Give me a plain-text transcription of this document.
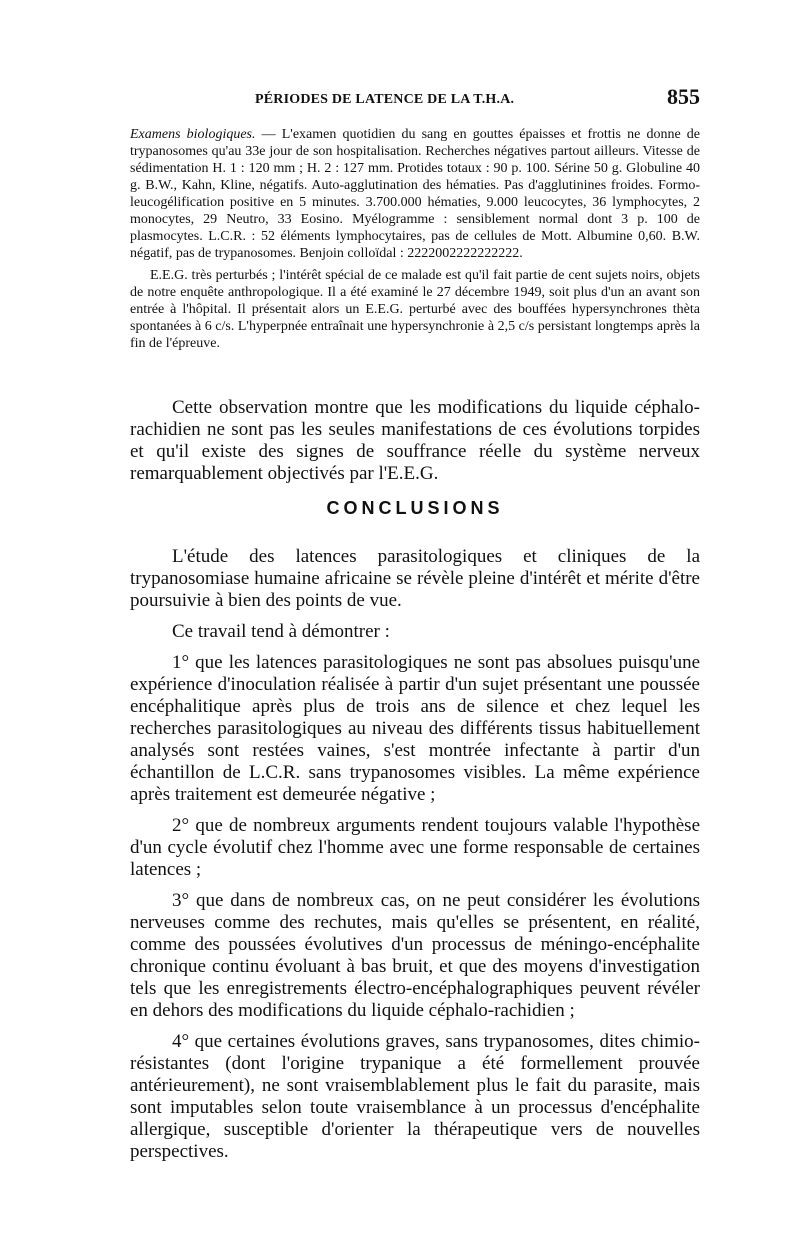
PÉRIODES DE LATENCE DE LA T.H.A.	855

Examens biologiques. — L'examen quotidien du sang en gouttes épaisses et frottis ne donne de trypanosomes qu'au 33e jour de son hospitalisation. Recherches négatives partout ailleurs. Vitesse de sédimentation H. 1 : 120 mm ; H. 2 : 127 mm. Protides totaux : 90 p. 100. Sérine 50 g. Globuline 40 g. B.W., Kahn, Kline, négatifs. Auto-agglutination des hématies. Pas d'agglutinines froides. Formo-leucogélification positive en 5 minutes. 3.700.000 hématies, 9.000 leucocytes, 36 lymphocytes, 2 monocytes, 29 Neutro, 33 Eosino. Myélogramme : sensiblement normal dont 3 p. 100 de plasmocytes. L.C.R. : 52 éléments lymphocytaires, pas de cellules de Mott. Albumine 0,60. B.W. négatif, pas de trypanosomes. Benjoin colloïdal : 2222002222222222.

E.E.G. très perturbés ; l'intérêt spécial de ce malade est qu'il fait partie de cent sujets noirs, objets de notre enquête anthropologique. Il a été examiné le 27 décembre 1949, soit plus d'un an avant son entrée à l'hôpital. Il présentait alors un E.E.G. perturbé avec des bouffées hypersynchrones thèta spontanées à 6 c/s. L'hyperpnée entraînait une hypersynchronie à 2,5 c/s persistant longtemps après la fin de l'épreuve.

Cette observation montre que les modifications du liquide céphalo-rachidien ne sont pas les seules manifestations de ces évolutions torpides et qu'il existe des signes de souffrance réelle du système nerveux remarquablement objectivés par l'E.E.G.

CONCLUSIONS

L'étude des latences parasitologiques et cliniques de la trypanosomiase humaine africaine se révèle pleine d'intérêt et mérite d'être poursuivie à bien des points de vue.

Ce travail tend à démontrer :

1° que les latences parasitologiques ne sont pas absolues puisqu'une expérience d'inoculation réalisée à partir d'un sujet présentant une poussée encéphalitique après plus de trois ans de silence et chez lequel les recherches parasitologiques au niveau des différents tissus habituellement analysés sont restées vaines, s'est montrée infectante à partir d'un échantillon de L.C.R. sans trypanosomes visibles. La même expérience après traitement est demeurée négative ;

2° que de nombreux arguments rendent toujours valable l'hypothèse d'un cycle évolutif chez l'homme avec une forme responsable de certaines latences ;

3° que dans de nombreux cas, on ne peut considérer les évolutions nerveuses comme des rechutes, mais qu'elles se présentent, en réalité, comme des poussées évolutives d'un processus de méningo-encéphalite chronique continu évoluant à bas bruit, et que des moyens d'investigation tels que les enregistrements électro-encéphalographiques peuvent révéler en dehors des modifications du liquide céphalo-rachidien ;

4° que certaines évolutions graves, sans trypanosomes, dites chimio-résistantes (dont l'origine trypanique a été formellement prouvée antérieurement), ne sont vraisemblablement plus le fait du parasite, mais sont imputables selon toute vraisemblance à un processus d'encéphalite allergique, susceptible d'orienter la thérapeutique vers de nouvelles perspectives.
